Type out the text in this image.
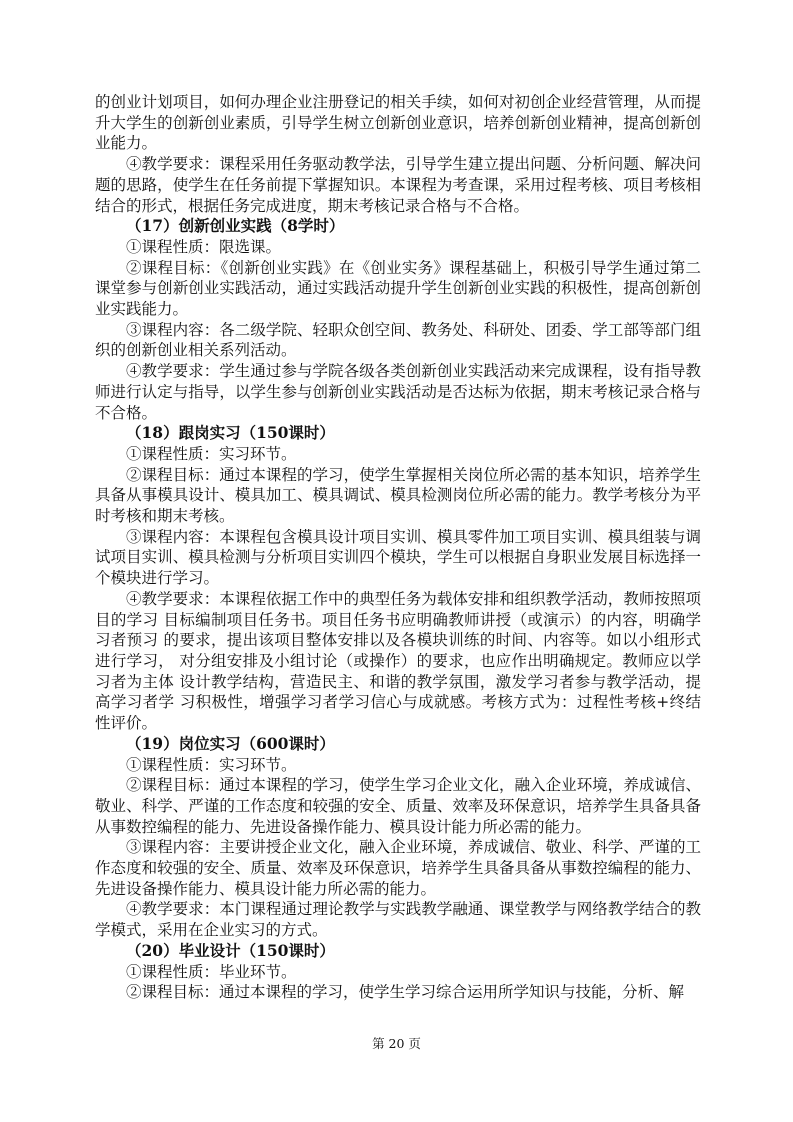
的创业计划项目，如何办理企业注册登记的相关手续，如何对初创企业经营管理，从而提升大学生的创新创业素质，引导学生树立创新创业意识，培养创新创业精神，提高创新创业能力。

④教学要求：课程采用任务驱动教学法，引导学生建立提出问题、分析问题、解决问题的思路，使学生在任务前提下掌握知识。本课程为考查课，采用过程考核、项目考核相结合的形式，根据任务完成进度，期末考核记录合格与不合格。

（17）创新创业实践（8学时）

①课程性质：限选课。

②课程目标：《创新创业实践》在《创业实务》课程基础上，积极引导学生通过第二课堂参与创新创业实践活动，通过实践活动提升学生创新创业实践的积极性，提高创新创业实践能力。

③课程内容：各二级学院、轻职众创空间、教务处、科研处、团委、学工部等部门组织的创新创业相关系列活动。

④教学要求：学生通过参与学院各级各类创新创业实践活动来完成课程，设有指导教师进行认定与指导，以学生参与创新创业实践活动是否达标为依据，期末考核记录合格与不合格。

（18）跟岗实习（150课时）

①课程性质：实习环节。

②课程目标：通过本课程的学习，使学生掌握相关岗位所必需的基本知识，培养学生具备从事模具设计、模具加工、模具调试、模具检测岗位所必需的能力。教学考核分为平时考核和期末考核。

③课程内容：本课程包含模具设计项目实训、模具零件加工项目实训、模具组装与调试项目实训、模具检测与分析项目实训四个模块，学生可以根据自身职业发展目标选择一个模块进行学习。

④教学要求：本课程依据工作中的典型任务为载体安排和组织教学活动，教师按照项目的学习 目标编制项目任务书。项目任务书应明确教师讲授（或演示）的内容，明确学习者预习 的要求，提出该项目整体安排以及各模块训练的时间、内容等。如以小组形式进行学习， 对分组安排及小组讨论（或操作）的要求，也应作出明确规定。教师应以学习者为主体 设计教学结构，营造民主、和谐的教学氛围，激发学习者参与教学活动，提高学习者学 习积极性，增强学习者学习信心与成就感。考核方式为：过程性考核+终结性评价。

（19）岗位实习（600课时）

①课程性质：实习环节。

②课程目标：通过本课程的学习，使学生学习企业文化，融入企业环境，养成诚信、敬业、科学、严谨的工作态度和较强的安全、质量、效率及环保意识，培养学生具备具备从事数控编程的能力、先进设备操作能力、模具设计能力所必需的能力。

③课程内容：主要讲授企业文化，融入企业环境，养成诚信、敬业、科学、严谨的工作态度和较强的安全、质量、效率及环保意识，培养学生具备具备从事数控编程的能力、先进设备操作能力、模具设计能力所必需的能力。

④教学要求：本门课程通过理论教学与实践教学融通、课堂教学与网络教学结合的教学模式，采用在企业实习的方式。

（20）毕业设计（150课时）

①课程性质：毕业环节。

②课程目标：通过本课程的学习，使学生学习综合运用所学知识与技能，分析、解

第 20 页
